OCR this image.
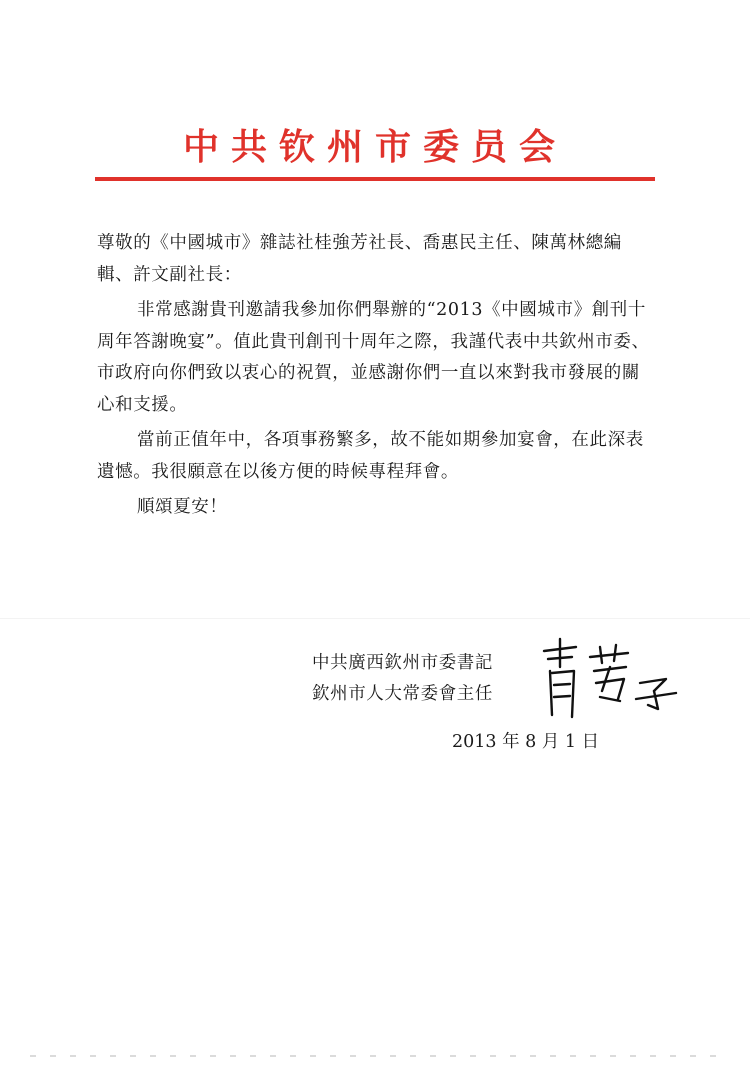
中共钦州市委员会

尊敬的《中國城市》雜誌社桂強芳社長、喬惠民主任、陳萬林總編輯、許文副社長：

非常感謝貴刊邀請我參加你們舉辦的“2013《中國城市》創刊十周年答謝晚宴”。值此貴刊創刊十周年之際，我謹代表中共欽州市委、市政府向你們致以衷心的祝賀，並感謝你們一直以來對我市發展的關心和支援。

當前正值年中，各項事務繁多，故不能如期參加宴會，在此深表遺憾。我很願意在以後方便的時候專程拜會。

順頌夏安！

中共廣西欽州市委書記
欽州市人大常委會主任
2013 年 8 月 1 日
